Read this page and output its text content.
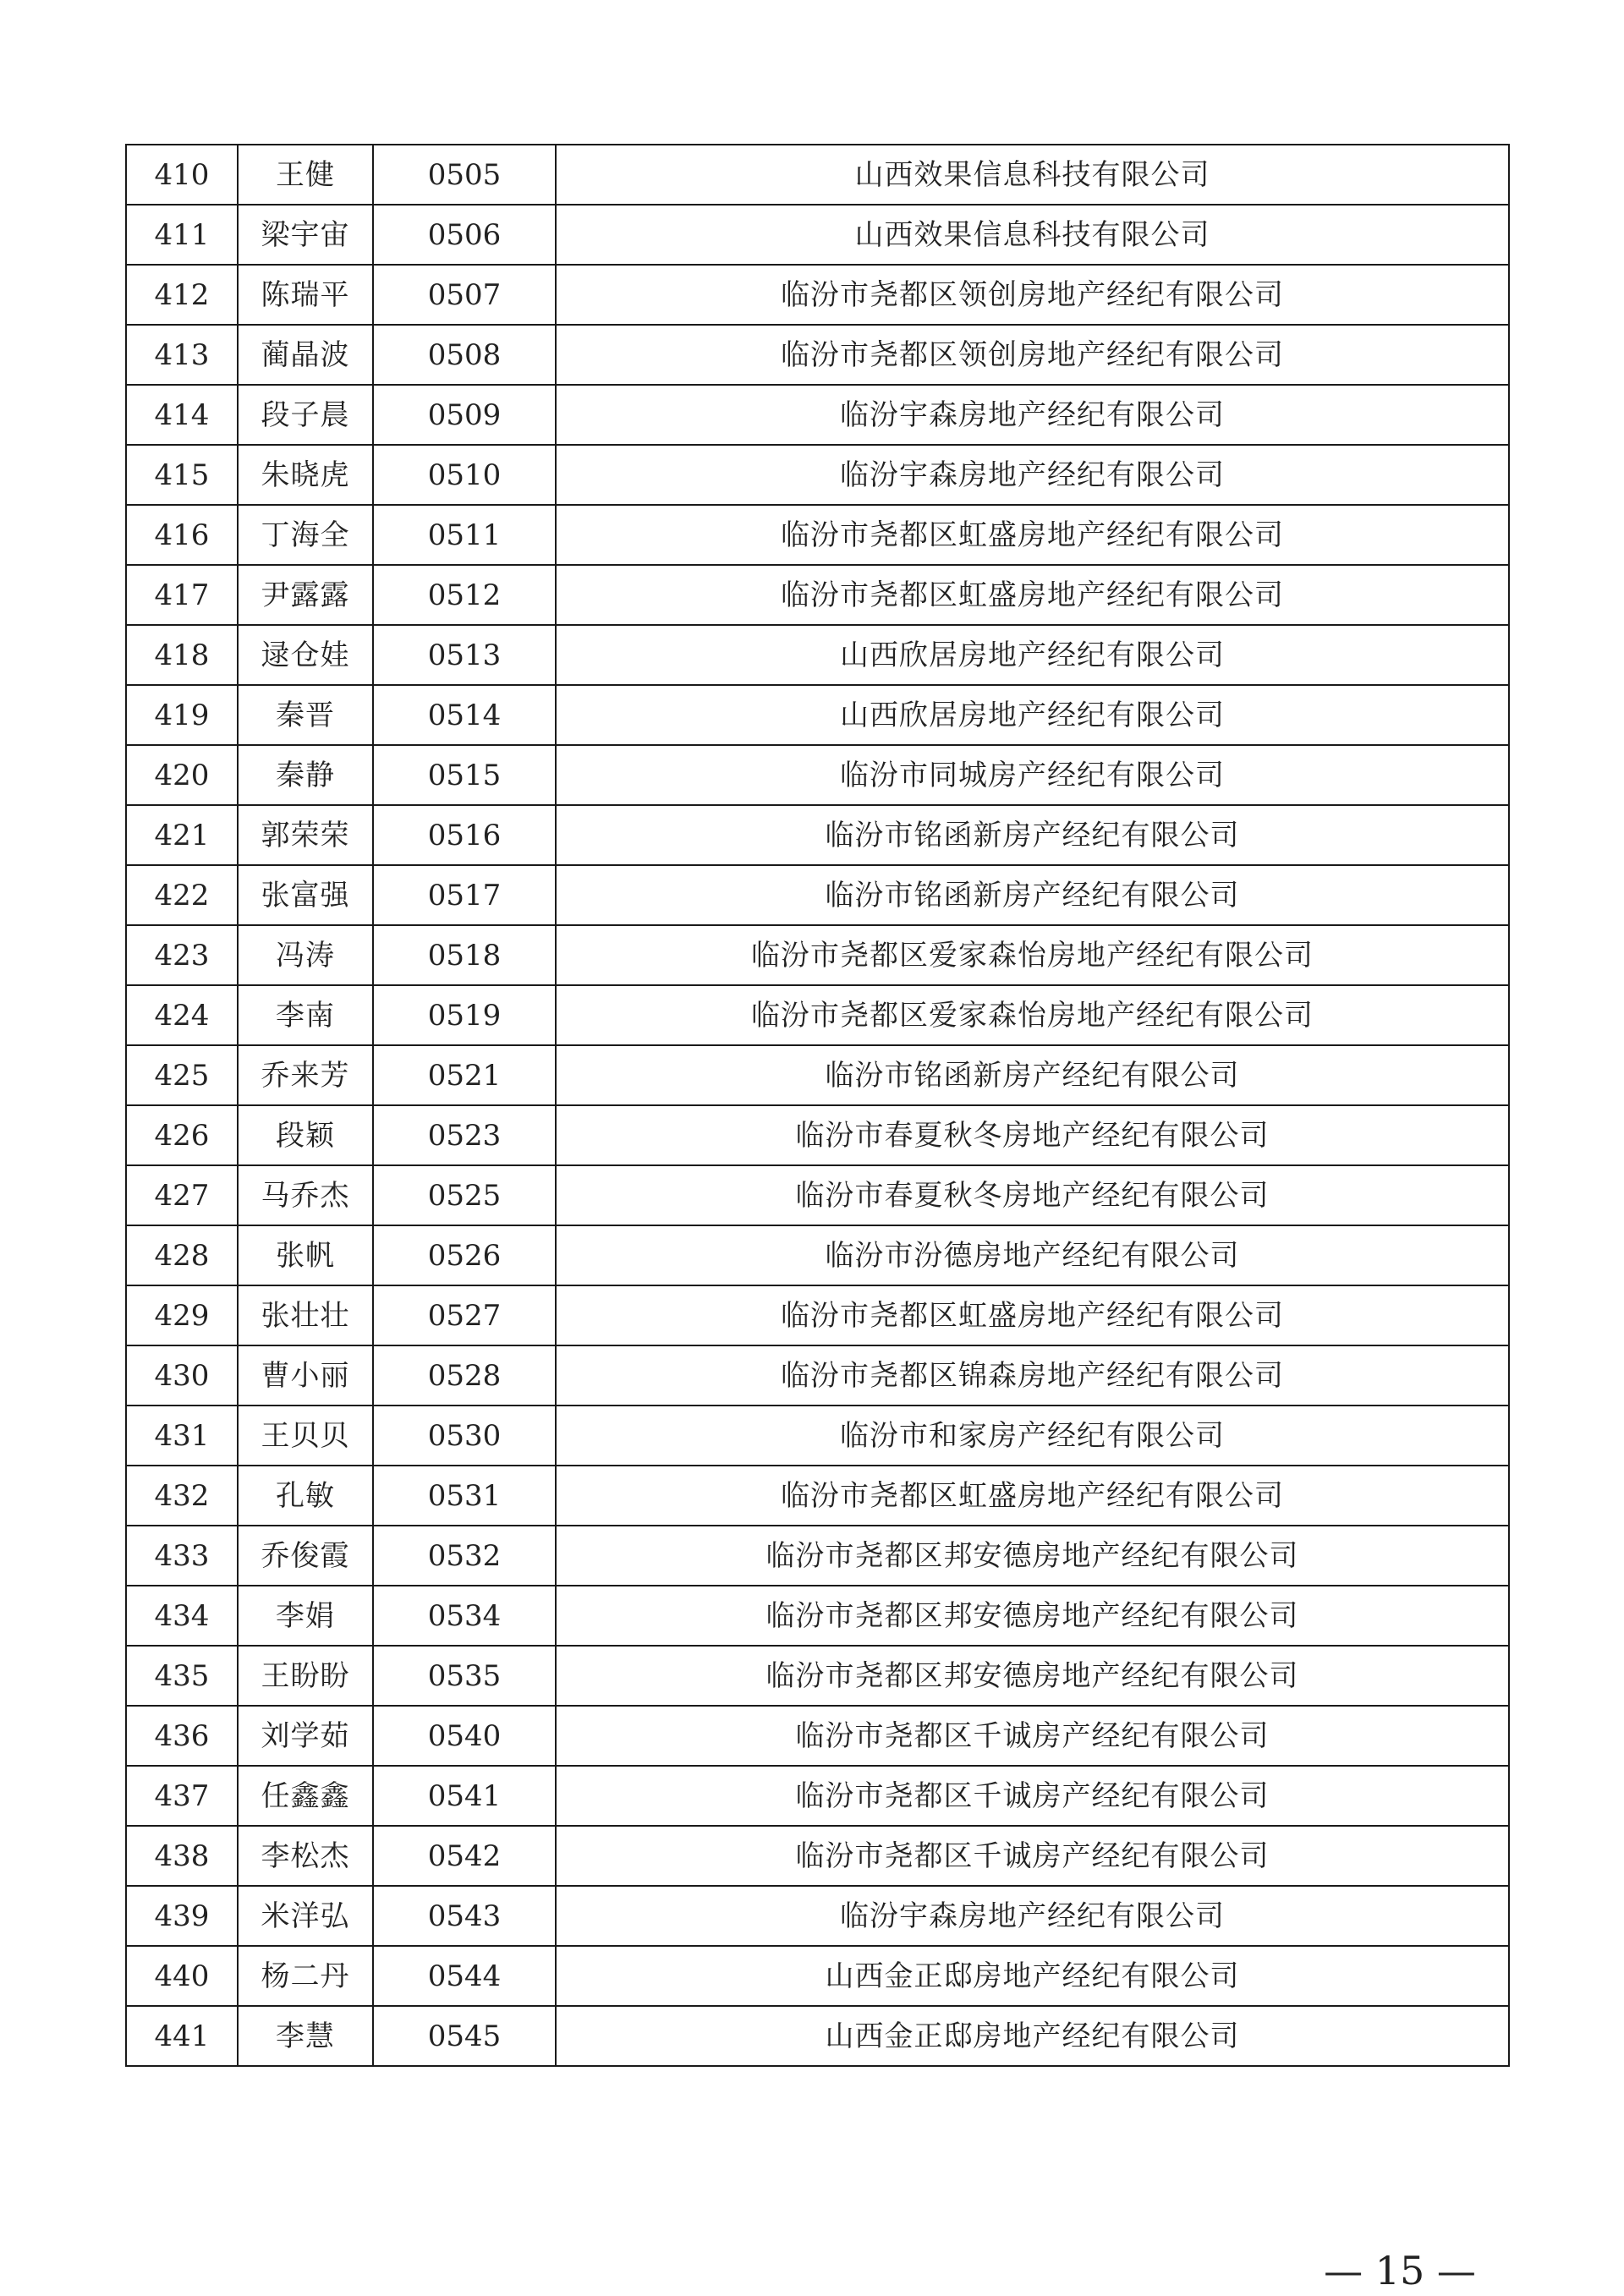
410	王健	0505	山西效果信息科技有限公司
411	梁宇宙	0506	山西效果信息科技有限公司
412	陈瑞平	0507	临汾市尧都区领创房地产经纪有限公司
413	蔺晶波	0508	临汾市尧都区领创房地产经纪有限公司
414	段子晨	0509	临汾宇森房地产经纪有限公司
415	朱晓虎	0510	临汾宇森房地产经纪有限公司
416	丁海全	0511	临汾市尧都区虹盛房地产经纪有限公司
417	尹露露	0512	临汾市尧都区虹盛房地产经纪有限公司
418	逯仓娃	0513	山西欣居房地产经纪有限公司
419	秦晋	0514	山西欣居房地产经纪有限公司
420	秦静	0515	临汾市同城房产经纪有限公司
421	郭荣荣	0516	临汾市铭函新房产经纪有限公司
422	张富强	0517	临汾市铭函新房产经纪有限公司
423	冯涛	0518	临汾市尧都区爱家森怡房地产经纪有限公司
424	李南	0519	临汾市尧都区爱家森怡房地产经纪有限公司
425	乔来芳	0521	临汾市铭函新房产经纪有限公司
426	段颖	0523	临汾市春夏秋冬房地产经纪有限公司
427	马乔杰	0525	临汾市春夏秋冬房地产经纪有限公司
428	张帆	0526	临汾市汾德房地产经纪有限公司
429	张壮壮	0527	临汾市尧都区虹盛房地产经纪有限公司
430	曹小丽	0528	临汾市尧都区锦森房地产经纪有限公司
431	王贝贝	0530	临汾市和家房产经纪有限公司
432	孔敏	0531	临汾市尧都区虹盛房地产经纪有限公司
433	乔俊霞	0532	临汾市尧都区邦安德房地产经纪有限公司
434	李娟	0534	临汾市尧都区邦安德房地产经纪有限公司
435	王盼盼	0535	临汾市尧都区邦安德房地产经纪有限公司
436	刘学茹	0540	临汾市尧都区千诚房产经纪有限公司
437	任鑫鑫	0541	临汾市尧都区千诚房产经纪有限公司
438	李松杰	0542	临汾市尧都区千诚房产经纪有限公司
439	米洋弘	0543	临汾宇森房地产经纪有限公司
440	杨二丹	0544	山西金正邸房地产经纪有限公司
441	李慧	0545	山西金正邸房地产经纪有限公司
— 15 —
